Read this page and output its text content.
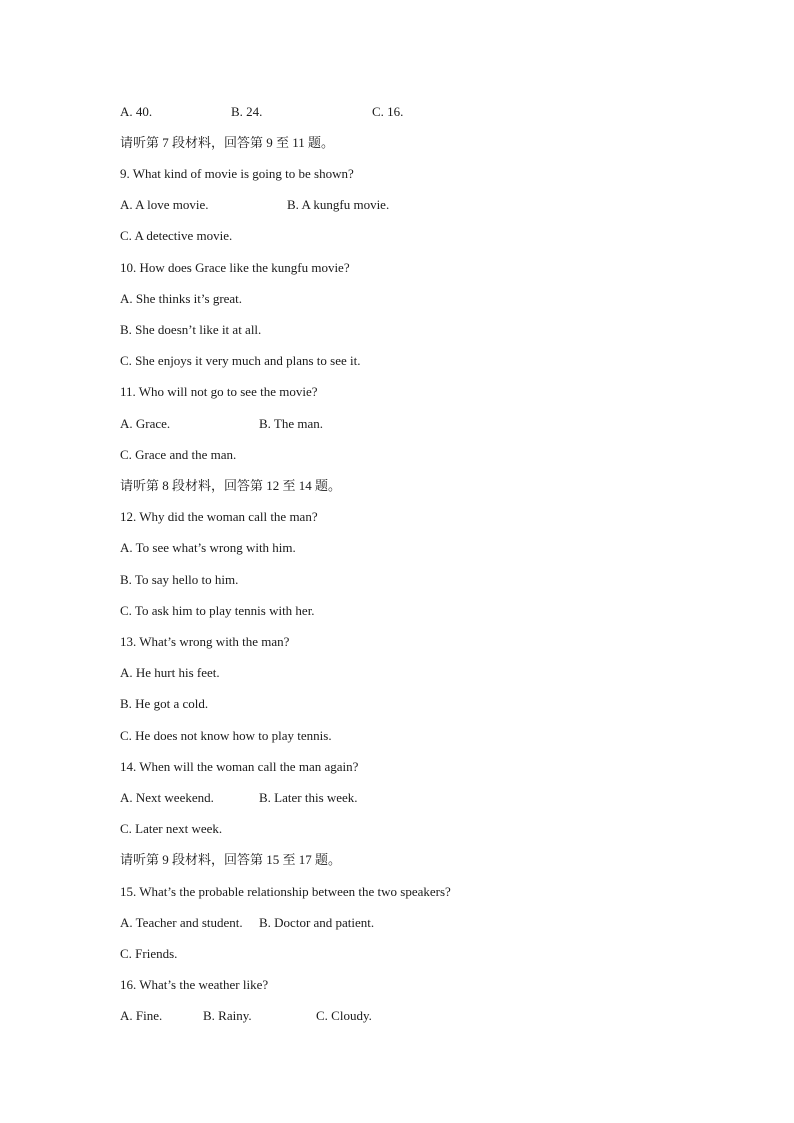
A. 40.	B. 24.	C. 16.
请听第 7 段材料，回答第 9 至 11 题。
9. What kind of movie is going to be shown?
A. A love movie.	B. A kungfu movie.
C. A detective movie.
10. How does Grace like the kungfu movie?
A. She thinks it’s great.
B. She doesn’t like it at all.
C. She enjoys it very much and plans to see it.
11. Who will not go to see the movie?
A. Grace.	B. The man.
C. Grace and the man.
请听第 8 段材料，回答第 12 至 14 题。
12. Why did the woman call the man?
A. To see what’s wrong with him.
B. To say hello to him.
C. To ask him to play tennis with her.
13. What’s wrong with the man?
A. He hurt his feet.
B. He got a cold.
C. He does not know how to play tennis.
14. When will the woman call the man again?
A. Next weekend.	B. Later this week.
C. Later next week.
请听第 9 段材料，回答第 15 至 17 题。
15. What’s the probable relationship between the two speakers?
A. Teacher and student. B. Doctor and patient.
C. Friends.
16. What’s the weather like?
A. Fine.	B. Rainy.	C. Cloudy.
